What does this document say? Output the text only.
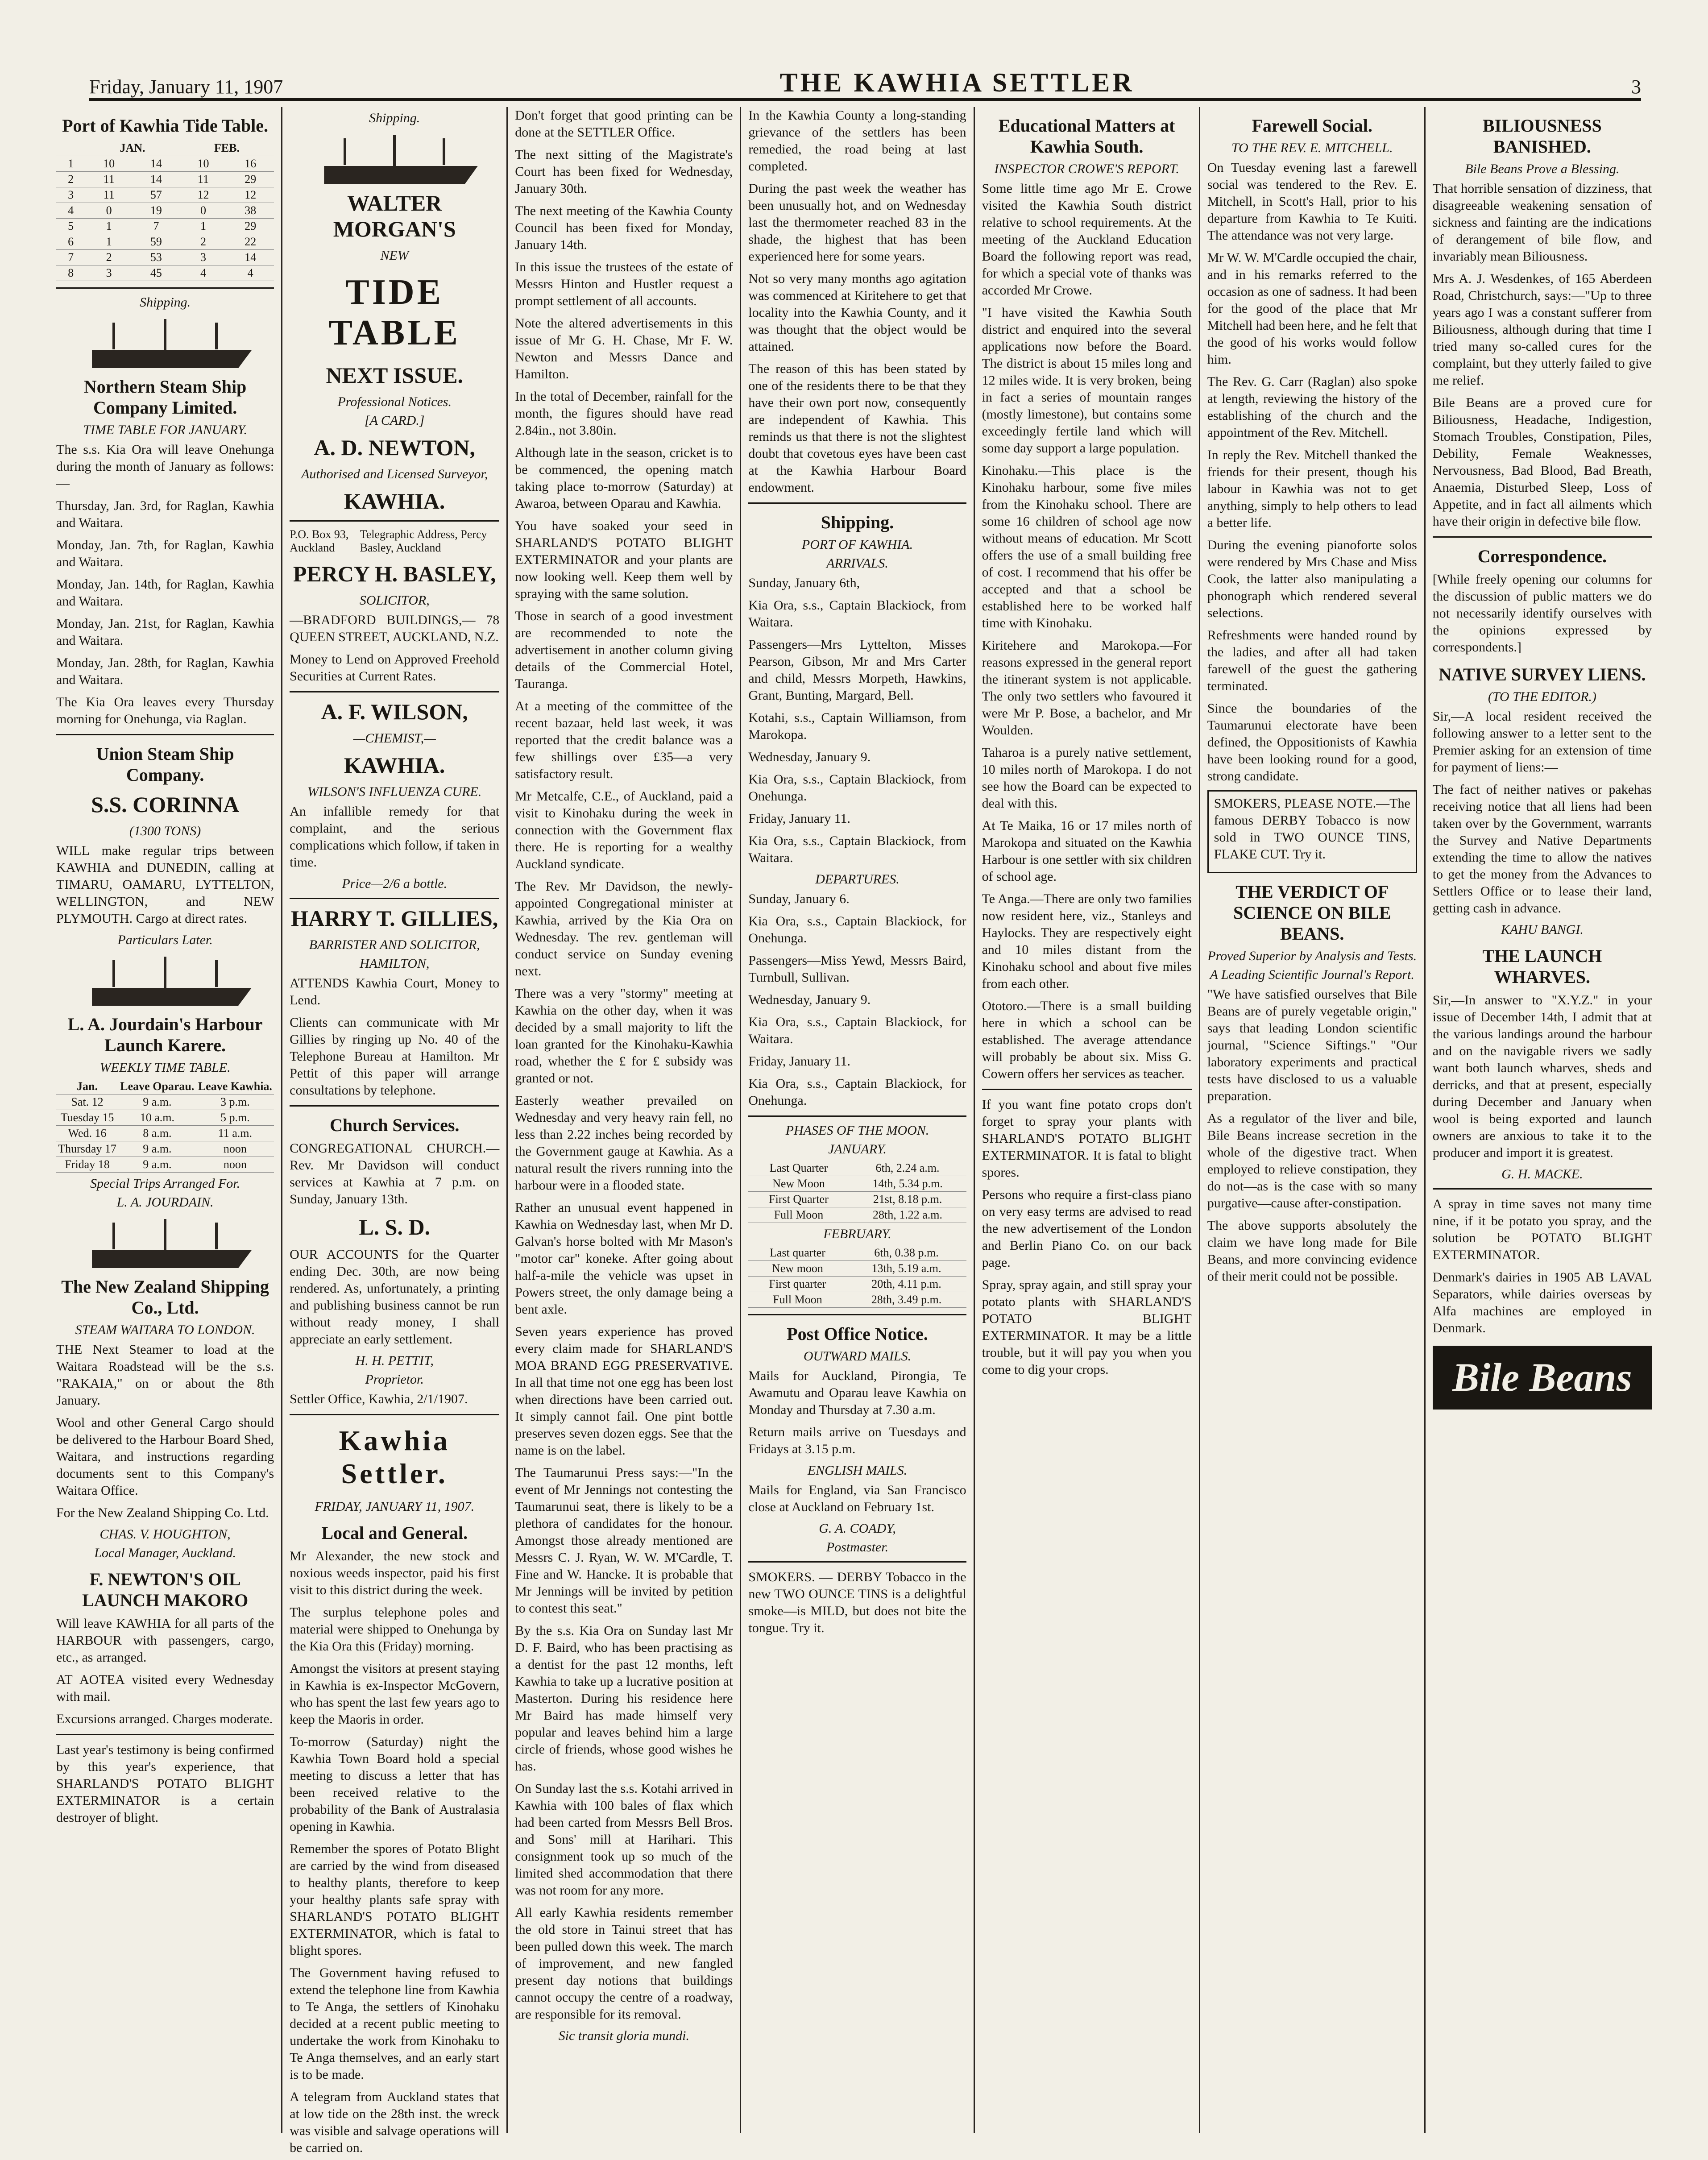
Friday, January 11, 1907	THE KAWHIA SETTLER	3
Port of Kawhia Tide Table.
	JAN.		FEB.	
1	10	14	10	16
2	11	14	11	29
3	11	57	12	12
4	0	19	0	38
5	1	7	1	29
6	1	59	2	22
7	2	53	3	14
8	3	45	4	4
Shipping.
Northern Steam Ship Company Limited.
TIME TABLE FOR JANUARY.

The s.s. Kia Ora will leave Onehunga during the month of January as follows:—

Thursday, Jan. 3rd, for Raglan, Kawhia and Waitara.

Monday, Jan. 7th, for Raglan, Kawhia and Waitara.

Monday, Jan. 14th, for Raglan, Kawhia and Waitara.

Monday, Jan. 21st, for Raglan, Kawhia and Waitara.

Monday, Jan. 28th, for Raglan, Kawhia and Waitara.

The Kia Ora leaves every Thursday morning for Onehunga, via Raglan.

Union Steam Ship Company.
S.S. CORINNA
(1300 TONS)

WILL make regular trips between KAWHIA and DUNEDIN, calling at TIMARU, OAMARU, LYTTELTON, WELLINGTON, and NEW PLYMOUTH. Cargo at direct rates.

Particulars Later.
L. A. Jourdain's Harbour Launch Karere.
WEEKLY TIME TABLE.
Jan.	Leave Oparau.	Leave Kawhia.
Sat. 12	9 a.m.	3 p.m.
Tuesday 15	10 a.m.	5 p.m.
Wed. 16	8 a.m.	11 a.m.
Thursday 17	9 a.m.	noon
Friday 18	9 a.m.	noon
Special Trips Arranged For.
L. A. JOURDAIN.
The New Zealand Shipping Co., Ltd.
STEAM WAITARA TO LONDON.

THE Next Steamer to load at the Waitara Roadstead will be the s.s. "RAKAIA," on or about the 8th January.

Wool and other General Cargo should be delivered to the Harbour Board Shed, Waitara, and instructions regarding documents sent to this Company's Waitara Office.

For the New Zealand Shipping Co. Ltd.

CHAS. V. HOUGHTON,
Local Manager, Auckland.
F. NEWTON'S OIL LAUNCH MAKORO

Will leave KAWHIA for all parts of the HARBOUR with passengers, cargo, etc., as arranged.

AT AOTEA visited every Wednesday with mail.

Excursions arranged. Charges moderate.

Last year's testimony is being confirmed by this year's experience, that SHARLAND'S POTATO BLIGHT EXTERMINATOR is a certain destroyer of blight.

Shipping.
WALTER MORGAN'S
NEW
TIDE TABLE
NEXT ISSUE.
Professional Notices.
[A CARD.]
A. D. NEWTON,
Authorised and Licensed Surveyor,
KAWHIA.
P.O. Box 93, Auckland
Telegraphic Address, Percy Basley, Auckland
PERCY H. BASLEY,
SOLICITOR,

—BRADFORD BUILDINGS,— 78 QUEEN STREET, AUCKLAND, N.Z.

Money to Lend on Approved Freehold Securities at Current Rates.

A. F. WILSON,
—CHEMIST,—
KAWHIA.
WILSON'S INFLUENZA CURE.

An infallible remedy for that complaint, and the serious complications which follow, if taken in time.

Price—2/6 a bottle.
HARRY T. GILLIES,
BARRISTER AND SOLICITOR,
HAMILTON,

ATTENDS Kawhia Court, Money to Lend.

Clients can communicate with Mr Gillies by ringing up No. 40 of the Telephone Bureau at Hamilton. Mr Pettit of this paper will arrange consultations by telephone.

Church Services.

CONGREGATIONAL CHURCH.—Rev. Mr Davidson will conduct services at Kawhia at 7 p.m. on Sunday, January 13th.

L. S. D.

OUR ACCOUNTS for the Quarter ending Dec. 30th, are now being rendered. As, unfortunately, a printing and publishing business cannot be run without ready money, I shall appreciate an early settlement.

H. H. PETTIT,
Proprietor.

Settler Office, Kawhia, 2/1/1907.

Kawhia Settler.
FRIDAY, JANUARY 11, 1907.
Local and General.

Mr Alexander, the new stock and noxious weeds inspector, paid his first visit to this district during the week.

The surplus telephone poles and material were shipped to Onehunga by the Kia Ora this (Friday) morning.

Amongst the visitors at present staying in Kawhia is ex-Inspector McGovern, who has spent the last few years ago to keep the Maoris in order.

To-morrow (Saturday) night the Kawhia Town Board hold a special meeting to discuss a letter that has been received relative to the probability of the Bank of Australasia opening in Kawhia.

Remember the spores of Potato Blight are carried by the wind from diseased to healthy plants, therefore to keep your healthy plants safe spray with SHARLAND'S POTATO BLIGHT EXTERMINATOR, which is fatal to blight spores.

The Government having refused to extend the telephone line from Kawhia to Te Anga, the settlers of Kinohaku decided at a recent public meeting to undertake the work from Kinohaku to Te Anga themselves, and an early start is to be made.

A telegram from Auckland states that at low tide on the 28th inst. the wreck was visible and salvage operations will be carried on.

Don't forget that good printing can be done at the SETTLER Office.

The next sitting of the Magistrate's Court has been fixed for Wednesday, January 30th.

The next meeting of the Kawhia County Council has been fixed for Monday, January 14th.

In this issue the trustees of the estate of Messrs Hinton and Hustler request a prompt settlement of all accounts.

Note the altered advertisements in this issue of Mr G. H. Chase, Mr F. W. Newton and Messrs Dance and Hamilton.

In the total of December, rainfall for the month, the figures should have read 2.84in., not 3.80in.

Although late in the season, cricket is to be commenced, the opening match taking place to-morrow (Saturday) at Awaroa, between Oparau and Kawhia.

You have soaked your seed in SHARLAND'S POTATO BLIGHT EXTERMINATOR and your plants are now looking well. Keep them well by spraying with the same solution.

Those in search of a good investment are recommended to note the advertisement in another column giving details of the Commercial Hotel, Tauranga.

At a meeting of the committee of the recent bazaar, held last week, it was reported that the credit balance was a few shillings over £35—a very satisfactory result.

Mr Metcalfe, C.E., of Auckland, paid a visit to Kinohaku during the week in connection with the Government flax there. He is reporting for a wealthy Auckland syndicate.

The Rev. Mr Davidson, the newly-appointed Congregational minister at Kawhia, arrived by the Kia Ora on Wednesday. The rev. gentleman will conduct service on Sunday evening next.

There was a very "stormy" meeting at Kawhia on the other day, when it was decided by a small majority to lift the loan granted for the Kinohaku-Kawhia road, whether the £ for £ subsidy was granted or not.

Easterly weather prevailed on Wednesday and very heavy rain fell, no less than 2.22 inches being recorded by the Government gauge at Kawhia. As a natural result the rivers running into the harbour were in a flooded state.

Rather an unusual event happened in Kawhia on Wednesday last, when Mr D. Galvan's horse bolted with Mr Mason's "motor car" koneke. After going about half-a-mile the vehicle was upset in Powers street, the only damage being a bent axle.

Seven years experience has proved every claim made for SHARLAND'S MOA BRAND EGG PRESERVATIVE. In all that time not one egg has been lost when directions have been carried out. It simply cannot fail. One pint bottle preserves seven dozen eggs. See that the name is on the label.

The Taumarunui Press says:—"In the event of Mr Jennings not contesting the Taumarunui seat, there is likely to be a plethora of candidates for the honour. Amongst those already mentioned are Messrs C. J. Ryan, W. W. M'Cardle, T. Fine and W. Hancke. It is probable that Mr Jennings will be invited by petition to contest this seat."

By the s.s. Kia Ora on Sunday last Mr D. F. Baird, who has been practising as a dentist for the past 12 months, left Kawhia to take up a lucrative position at Masterton. During his residence here Mr Baird has made himself very popular and leaves behind him a large circle of friends, whose good wishes he has.

On Sunday last the s.s. Kotahi arrived in Kawhia with 100 bales of flax which had been carted from Messrs Bell Bros. and Sons' mill at Harihari. This consignment took up so much of the limited shed accommodation that there was not room for any more.

All early Kawhia residents remember the old store in Tainui street that has been pulled down this week. The march of improvement, and new fangled present day notions that buildings cannot occupy the centre of a roadway, are responsible for its removal.

Sic transit gloria mundi.

In the Kawhia County a long-standing grievance of the settlers has been remedied, the road being at last completed.

During the past week the weather has been unusually hot, and on Wednesday last the thermometer reached 83 in the shade, the highest that has been experienced here for some years.

Not so very many months ago agitation was commenced at Kiritehere to get that locality into the Kawhia County, and it was thought that the object would be attained.

The reason of this has been stated by one of the residents there to be that they have their own port now, consequently are independent of Kawhia. This reminds us that there is not the slightest doubt that covetous eyes have been cast at the Kawhia Harbour Board endowment.

Shipping.
PORT OF KAWHIA.
ARRIVALS.

Sunday, January 6th,

Kia Ora, s.s., Captain Blackiock, from Waitara.

Passengers—Mrs Lyttelton, Misses Pearson, Gibson, Mr and Mrs Carter and child, Messrs Morpeth, Hawkins, Grant, Bunting, Margard, Bell.

Kotahi, s.s., Captain Williamson, from Marokopa.

Wednesday, January 9.

Kia Ora, s.s., Captain Blackiock, from Onehunga.

Friday, January 11.

Kia Ora, s.s., Captain Blackiock, from Waitara.

DEPARTURES.

Sunday, January 6.

Kia Ora, s.s., Captain Blackiock, for Onehunga.

Passengers—Miss Yewd, Messrs Baird, Turnbull, Sullivan.

Wednesday, January 9.

Kia Ora, s.s., Captain Blackiock, for Waitara.

Friday, January 11.

Kia Ora, s.s., Captain Blackiock, for Onehunga.

PHASES OF THE MOON.
JANUARY.
Last Quarter	6th, 2.24 a.m.
New Moon	14th, 5.34 p.m.
First Quarter	21st, 8.18 p.m.
Full Moon	28th, 1.22 a.m.
FEBRUARY.
Last quarter	6th, 0.38 p.m.
New moon	13th, 5.19 a.m.
First quarter	20th, 4.11 p.m.
Full Moon	28th, 3.49 p.m.
Post Office Notice.
OUTWARD MAILS.

Mails for Auckland, Pirongia, Te Awamutu and Oparau leave Kawhia on Monday and Thursday at 7.30 a.m.

Return mails arrive on Tuesdays and Fridays at 3.15 p.m.

ENGLISH MAILS.

Mails for England, via San Francisco close at Auckland on February 1st.

G. A. COADY,
Postmaster.

SMOKERS. — DERBY Tobacco in the new TWO OUNCE TINS is a delightful smoke—is MILD, but does not bite the tongue. Try it.

Educational Matters at Kawhia South.
INSPECTOR CROWE'S REPORT.

Some little time ago Mr E. Crowe visited the Kawhia South district relative to school requirements. At the meeting of the Auckland Education Board the following report was read, for which a special vote of thanks was accorded Mr Crowe.

"I have visited the Kawhia South district and enquired into the several applications now before the Board. The district is about 15 miles long and 12 miles wide. It is very broken, being in fact a series of mountain ranges (mostly limestone), but contains some exceedingly fertile land which will some day support a large population.

Kinohaku.—This place is the Kinohaku harbour, some five miles from the Kinohaku school. There are some 16 children of school age now without means of education. Mr Scott offers the use of a small building free of cost. I recommend that his offer be accepted and that a school be established here to be worked half time with Kinohaku.

Kiritehere and Marokopa.—For reasons expressed in the general report the itinerant system is not applicable. The only two settlers who favoured it were Mr P. Bose, a bachelor, and Mr Woulden.

Taharoa is a purely native settlement, 10 miles north of Marokopa. I do not see how the Board can be expected to deal with this.

At Te Maika, 16 or 17 miles north of Marokopa and situated on the Kawhia Harbour is one settler with six children of school age.

Te Anga.—There are only two families now resident here, viz., Stanleys and Haylocks. They are respectively eight and 10 miles distant from the Kinohaku school and about five miles from each other.

Ototoro.—There is a small building here in which a school can be established. The average attendance will probably be about six. Miss G. Cowern offers her services as teacher.

If you want fine potato crops don't forget to spray your plants with SHARLAND'S POTATO BLIGHT EXTERMINATOR. It is fatal to blight spores.

Persons who require a first-class piano on very easy terms are advised to read the new advertisement of the London and Berlin Piano Co. on our back page.

Spray, spray again, and still spray your potato plants with SHARLAND'S POTATO BLIGHT EXTERMINATOR. It may be a little trouble, but it will pay you when you come to dig your crops.

Farewell Social.
TO THE REV. E. MITCHELL.

On Tuesday evening last a farewell social was tendered to the Rev. E. Mitchell, in Scott's Hall, prior to his departure from Kawhia to Te Kuiti. The attendance was not very large.

Mr W. W. M'Cardle occupied the chair, and in his remarks referred to the occasion as one of sadness. It had been for the good of the place that Mr Mitchell had been here, and he felt that the good of his works would follow him.

The Rev. G. Carr (Raglan) also spoke at length, reviewing the history of the establishing of the church and the appointment of the Rev. Mitchell.

In reply the Rev. Mitchell thanked the friends for their present, though his labour in Kawhia was not to get anything, simply to help others to lead a better life.

During the evening pianoforte solos were rendered by Mrs Chase and Miss Cook, the latter also manipulating a phonograph which rendered several selections.

Refreshments were handed round by the ladies, and after all had taken farewell of the guest the gathering terminated.

Since the boundaries of the Taumarunui electorate have been defined, the Oppositionists of Kawhia have been looking round for a good, strong candidate.

SMOKERS, PLEASE NOTE.—The famous DERBY Tobacco is now sold in TWO OUNCE TINS, FLAKE CUT. Try it.

THE VERDICT OF SCIENCE ON BILE BEANS.
Proved Superior by Analysis and Tests.
A Leading Scientific Journal's Report.

"We have satisfied ourselves that Bile Beans are of purely vegetable origin," says that leading London scientific journal, "Science Siftings." "Our laboratory experiments and practical tests have disclosed to us a valuable preparation.

As a regulator of the liver and bile, Bile Beans increase secretion in the whole of the digestive tract. When employed to relieve constipation, they do not—as is the case with so many purgative—cause after-constipation.

The above supports absolutely the claim we have long made for Bile Beans, and more convincing evidence of their merit could not be possible.

BILIOUSNESS BANISHED.
Bile Beans Prove a Blessing.

That horrible sensation of dizziness, that disagreeable weakening sensation of sickness and fainting are the indications of derangement of bile flow, and invariably mean Biliousness.

Mrs A. J. Wesdenkes, of 165 Aberdeen Road, Christchurch, says:—"Up to three years ago I was a constant sufferer from Biliousness, although during that time I tried many so-called cures for the complaint, but they utterly failed to give me relief.

Bile Beans are a proved cure for Biliousness, Headache, Indigestion, Stomach Troubles, Constipation, Piles, Debility, Female Weaknesses, Nervousness, Bad Blood, Bad Breath, Anaemia, Disturbed Sleep, Loss of Appetite, and in fact all ailments which have their origin in defective bile flow.

Correspondence.

[While freely opening our columns for the discussion of public matters we do not necessarily identify ourselves with the opinions expressed by correspondents.]

NATIVE SURVEY LIENS.
(TO THE EDITOR.)

Sir,—A local resident received the following answer to a letter sent to the Premier asking for an extension of time for payment of liens:—

The fact of neither natives or pakehas receiving notice that all liens had been taken over by the Government, warrants the Survey and Native Departments extending the time to allow the natives to get the money from the Advances to Settlers Office or to lease their land, getting cash in advance.

KAHU BANGI.
THE LAUNCH WHARVES.

Sir,—In answer to "X.Y.Z." in your issue of December 14th, I admit that at the various landings around the harbour and on the navigable rivers we sadly want both launch wharves, sheds and derricks, and that at present, especially during December and January when wool is being exported and launch owners are anxious to take it to the producer and import it is greatest.

G. H. MACKE.

A spray in time saves not many time nine, if it be potato you spray, and the solution be POTATO BLIGHT EXTERMINATOR.

Denmark's dairies in 1905 AB LAVAL Separators, while dairies overseas by Alfa machines are employed in Denmark.

Bile Beans
